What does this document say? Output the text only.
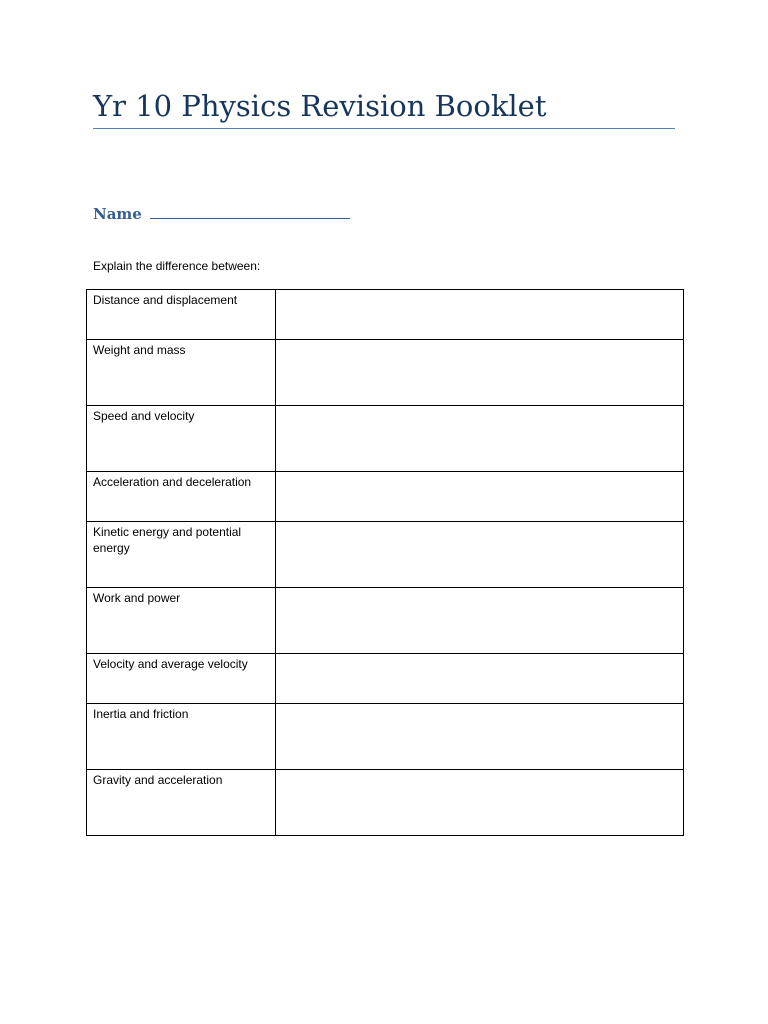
Yr 10 Physics Revision Booklet
Name
Explain the difference between:
Distance and displacement	
Weight and mass	
Speed and velocity	
Acceleration and deceleration	
Kinetic energy and potential energy	
Work and power	
Velocity and average velocity	
Inertia and friction	
Gravity and acceleration	
